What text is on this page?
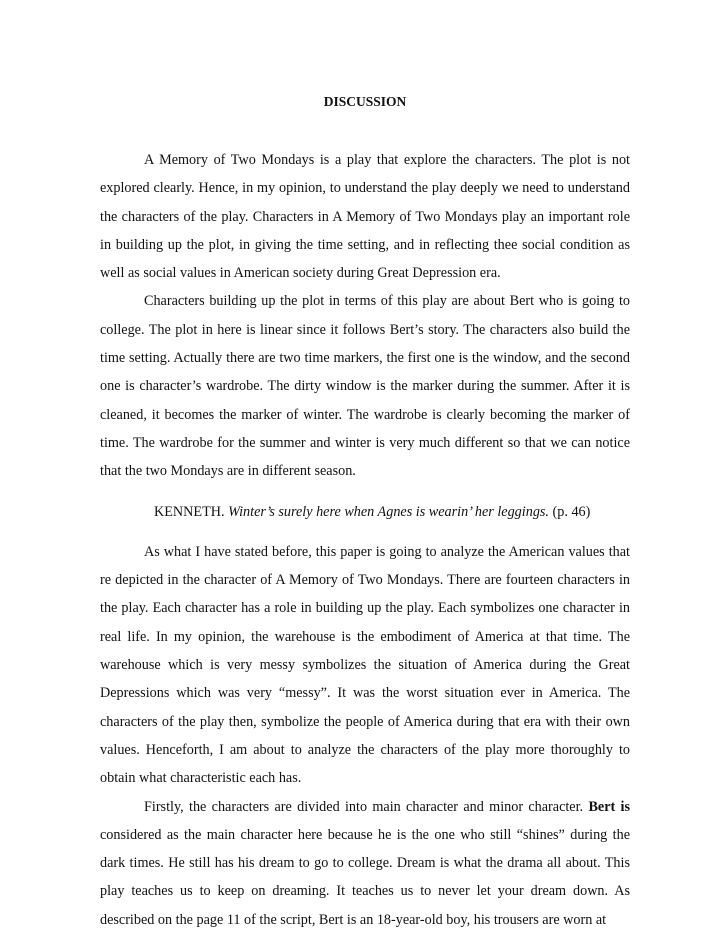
DISCUSSION

A Memory of Two Mondays is a play that explore the characters. The plot is not explored clearly. Hence, in my opinion, to understand the play deeply we need to understand the characters of the play. Characters in A Memory of Two Mondays play an important role in building up the plot, in giving the time setting, and in reflecting thee social condition as well as social values in American society during Great Depression era.

Characters building up the plot in terms of this play are about Bert who is going to college. The plot in here is linear since it follows Bert’s story. The characters also build the time setting. Actually there are two time markers, the first one is the window, and the second one is character’s wardrobe. The dirty window is the marker during the summer. After it is cleaned, it becomes the marker of winter. The wardrobe is clearly becoming the marker of time. The wardrobe for the summer and winter is very much different so that we can notice that the two Mondays are in different season.

KENNETH. Winter’s surely here when Agnes is wearin’ her leggings. (p. 46)

As what I have stated before, this paper is going to analyze the American values that re depicted in the character of A Memory of Two Mondays. There are fourteen characters in the play. Each character has a role in building up the play. Each symbolizes one character in real life. In my opinion, the warehouse is the embodiment of America at that time. The warehouse which is very messy symbolizes the situation of America during the Great Depressions which was very “messy”. It was the worst situation ever in America. The characters of the play then, symbolize the people of America during that era with their own values. Henceforth, I am about to analyze the characters of the play more thoroughly to obtain what characteristic each has.

Firstly, the characters are divided into main character and minor character. Bert is considered as the main character here because he is the one who still “shines” during the dark times. He still has his dream to go to college. Dream is what the drama all about. This play teaches us to keep on dreaming. It teaches us to never let your dream down. As described on the page 11 of the script, Bert is an 18-year-old boy, his trousers are worn at
